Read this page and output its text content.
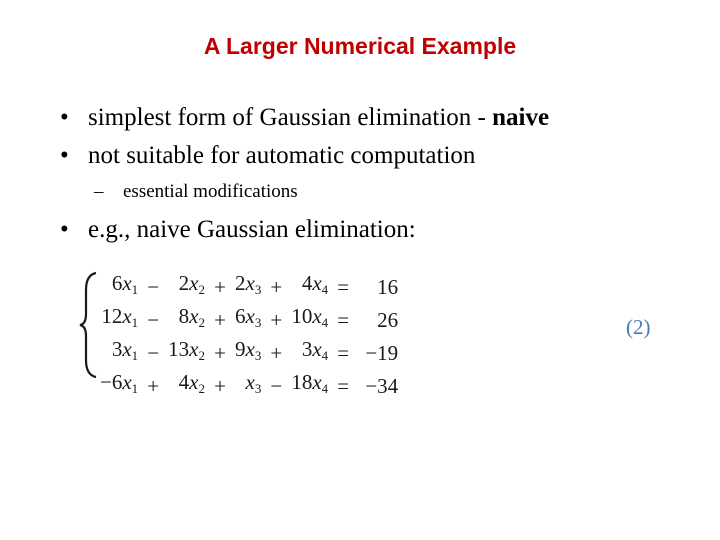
A Larger Numerical Example
• simplest form of Gaussian elimination - naive
• not suitable for automatic computation
– essential modifications
• e.g., naive Gaussian elimination:
6x1	−	2x2	+	2x3	+	4x4	=	16
12x1	−	8x2	+	6x3	+	10x4	=	26
3x1	−	13x2	+	9x3	+	3x4	=	−19
−6x1	+	4x2	+	x3	−	18x4	=	−34
(2)
